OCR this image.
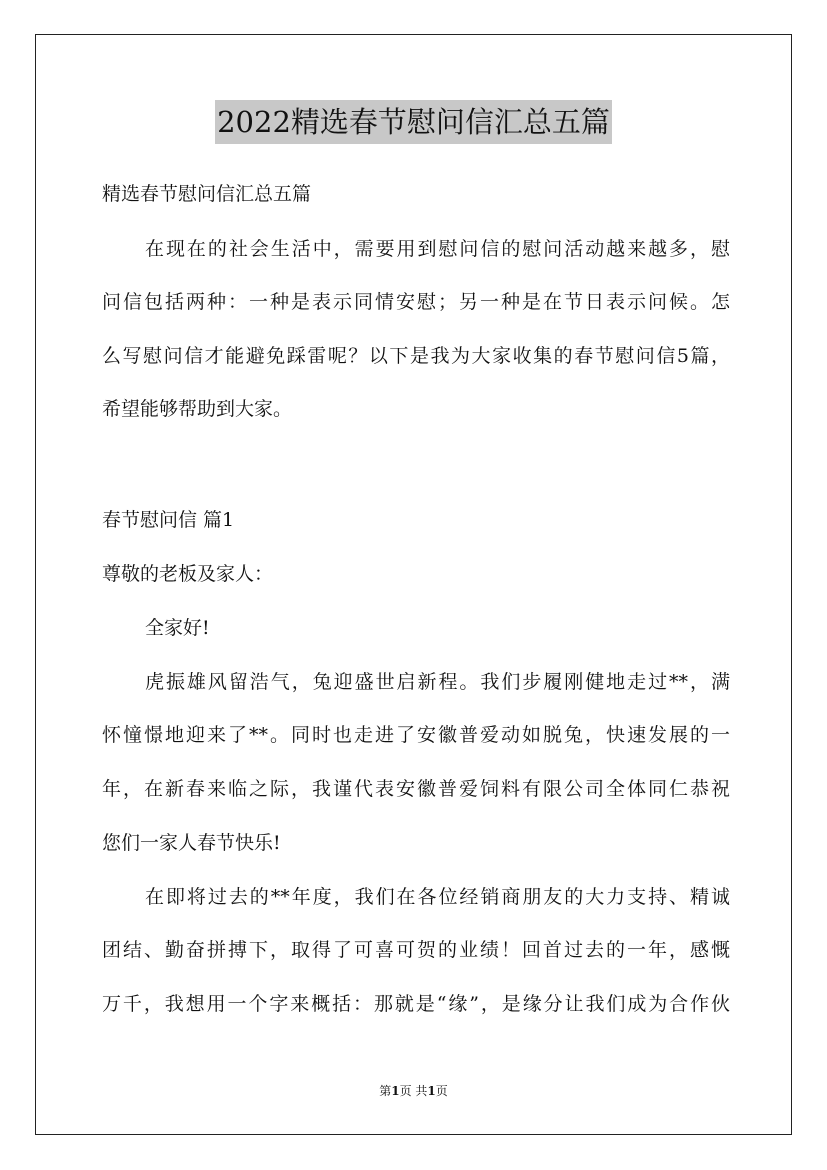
2022精选春节慰问信汇总五篇

精选春节慰问信汇总五篇

在现在的社会生活中，需要用到慰问信的慰问活动越来越多，慰

问信包括两种：一种是表示同情安慰；另一种是在节日表示问候。怎

么写慰问信才能避免踩雷呢？以下是我为大家收集的春节慰问信5篇，

希望能够帮助到大家。

春节慰问信 篇1

尊敬的老板及家人：

全家好!

虎振雄风留浩气，兔迎盛世启新程。我们步履刚健地走过**，满

怀憧憬地迎来了**。同时也走进了安徽普爱动如脱兔，快速发展的一

年，在新春来临之际，我谨代表安徽普爱饲料有限公司全体同仁恭祝

您们一家人春节快乐!

在即将过去的**年度，我们在各位经销商朋友的大力支持、精诚

团结、勤奋拼搏下，取得了可喜可贺的业绩！回首过去的一年，感慨

万千，我想用一个字来概括：那就是“缘”，是缘分让我们成为合作伙

第1页 共1页
